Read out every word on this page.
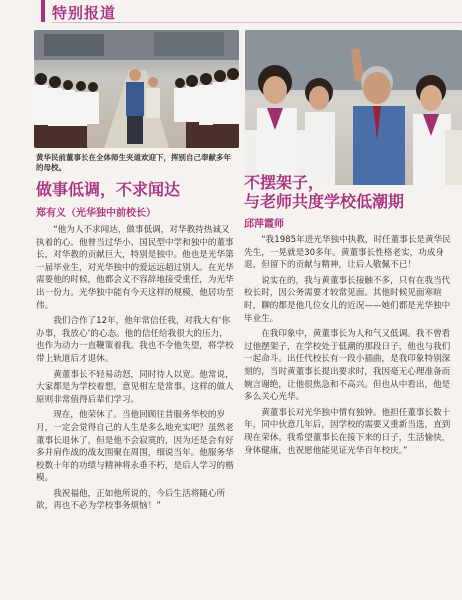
特别报道
黄华民前董事长在全体师生夹道欢迎下，挥别自己奉献多年的母校。
做事低调，不求闻达
郑有义（光华独中前校长）

“他为人不求闻达，做事低调，对华教持热诚又执着的心。他曾当过华小、国民型中学和独中的董事长，对华教的贡献巨大，特别是独中。他也是光华第一届毕业生，对光华独中的爱远远超过别人。在光华需要他的时候，他都会义不容辞地接受重任，为光华出一份力。光华独中能有今天这样的规模，他居功至伟。

我们合作了12年，他年常信任我，对我大有‘你办事，我放心’的心态。他的信任给我很大的压力，也作为动力一直鞭策着我。我也不令他失望，将学校带上轨道后才退休。

黄董事长不轻易动怒，同时待人以宽。他常说，大家都是为学校着想，意见相左是常事。这样的做人原则非常值得后辈们学习。

现在，他荣休了。当他回顾往昔服务华校的岁月，一定会觉得自己的人生是多么地充实吧？虽然老董事长退休了，但是他不会寂寞的，因为还是会有好多并肩作战的战友围聚在周围，细说当年。他服务华校数十年的功绩与精神将永垂不朽，是后人学习的楷模。

我祝福他，正如他所说的，今后生活将随心所欲，再也不必为学校事务烦恼！”

不摆架子，
与老师共度学校低潮期
邱萍霞师

“我1985年进光华独中执教，时任董事长是黄华民先生，一晃就是30多年。黄董事长性格老实，功成身退，但留下的贡献与精神，让后人敬佩不已！

说实在的，我与黄董事长接触不多，只有在我当代校长时，因公务需要才较常见面。其他时候见面寒暄时，聊的都是他几位女儿的近况——她们都是光华独中毕业生。

在我印象中，黄董事长为人和气又低调。我不曾看过他摆架子，在学校处于低潮的那段日子，他也与我们一起命斗。出任代校长有一段小插曲，是我印象特别深刻的，当时黄董事长提出要求时，我因毫无心理准备而婉言谢绝，让他很焦急和不高兴。但也从中看出，他是多么关心光华。

黄董事长对光华独中情有独钟。他担任董事长数十年，同中伙意几年后，因学校的需要又重新当选，直到现在荣休。我希望董事长在接下来的日子，生活愉快，身体健康，也祝愿他能见证光华百年校庆。”
